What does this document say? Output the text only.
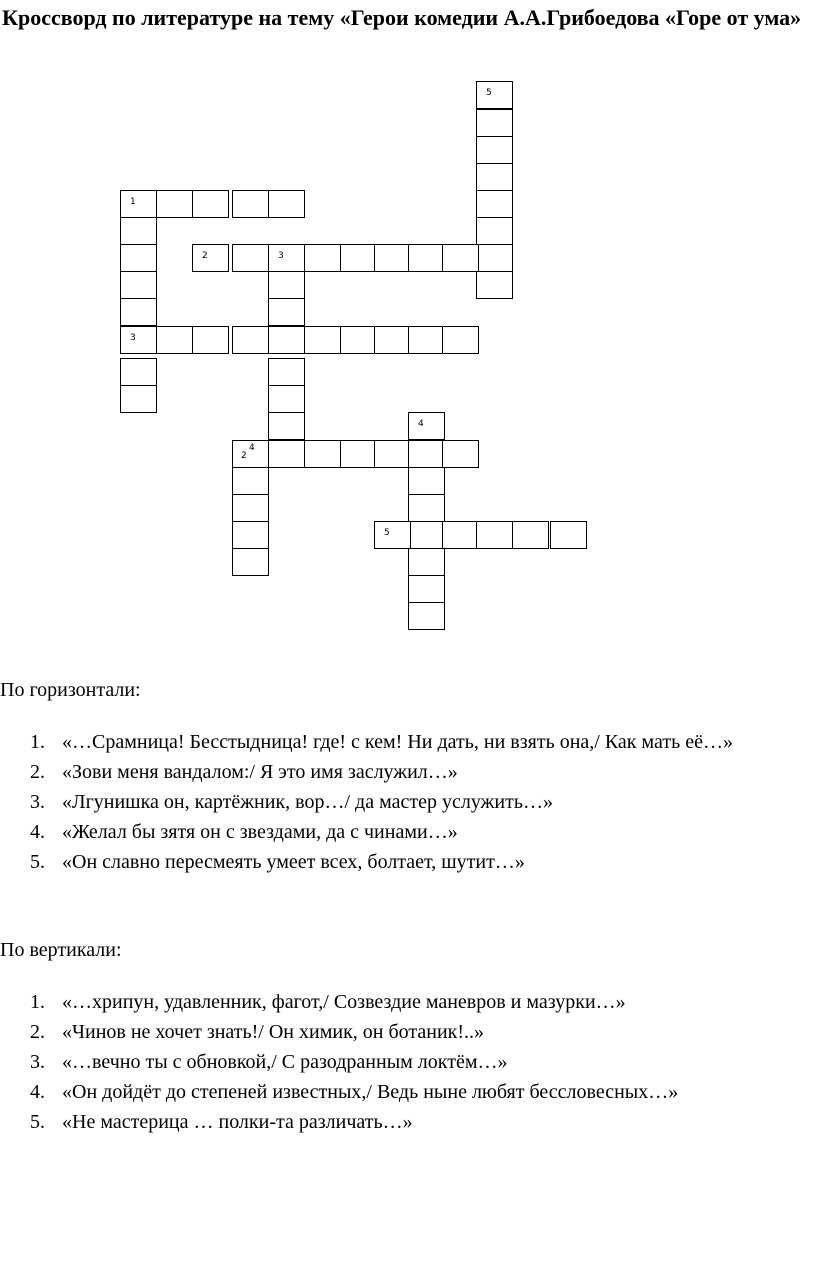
Кроссворд по литературе на тему «Герои комедии А.А.Грибоедова «Горе от ума»
5
1
2	3
3
4
2
4
5

По горизонтали:

1. «…Срамница! Бесстыдница! где! с кем! Ни дать, ни взять она,/ Как мать её…»
2. «Зови меня вандалом:/ Я это имя заслужил…»
3. «Лгунишка он, картёжник, вор…/ да мастер услужить…»
4. «Желал бы зятя он с звездами, да с чинами…»
5. «Он славно пересмеять умеет всех, болтает, шутит…»

По вертикали:

1. «…хрипун, удавленник, фагот,/ Созвездие маневров и мазурки…»
2. «Чинов не хочет знать!/ Он химик, он ботаник!..»
3. «…вечно ты с обновкой,/ С разодранным локтём…»
4. «Он дойдёт до степеней известных,/ Ведь ныне любят бессловесных…»
5. «Не мастерица … полки-та различать…»
